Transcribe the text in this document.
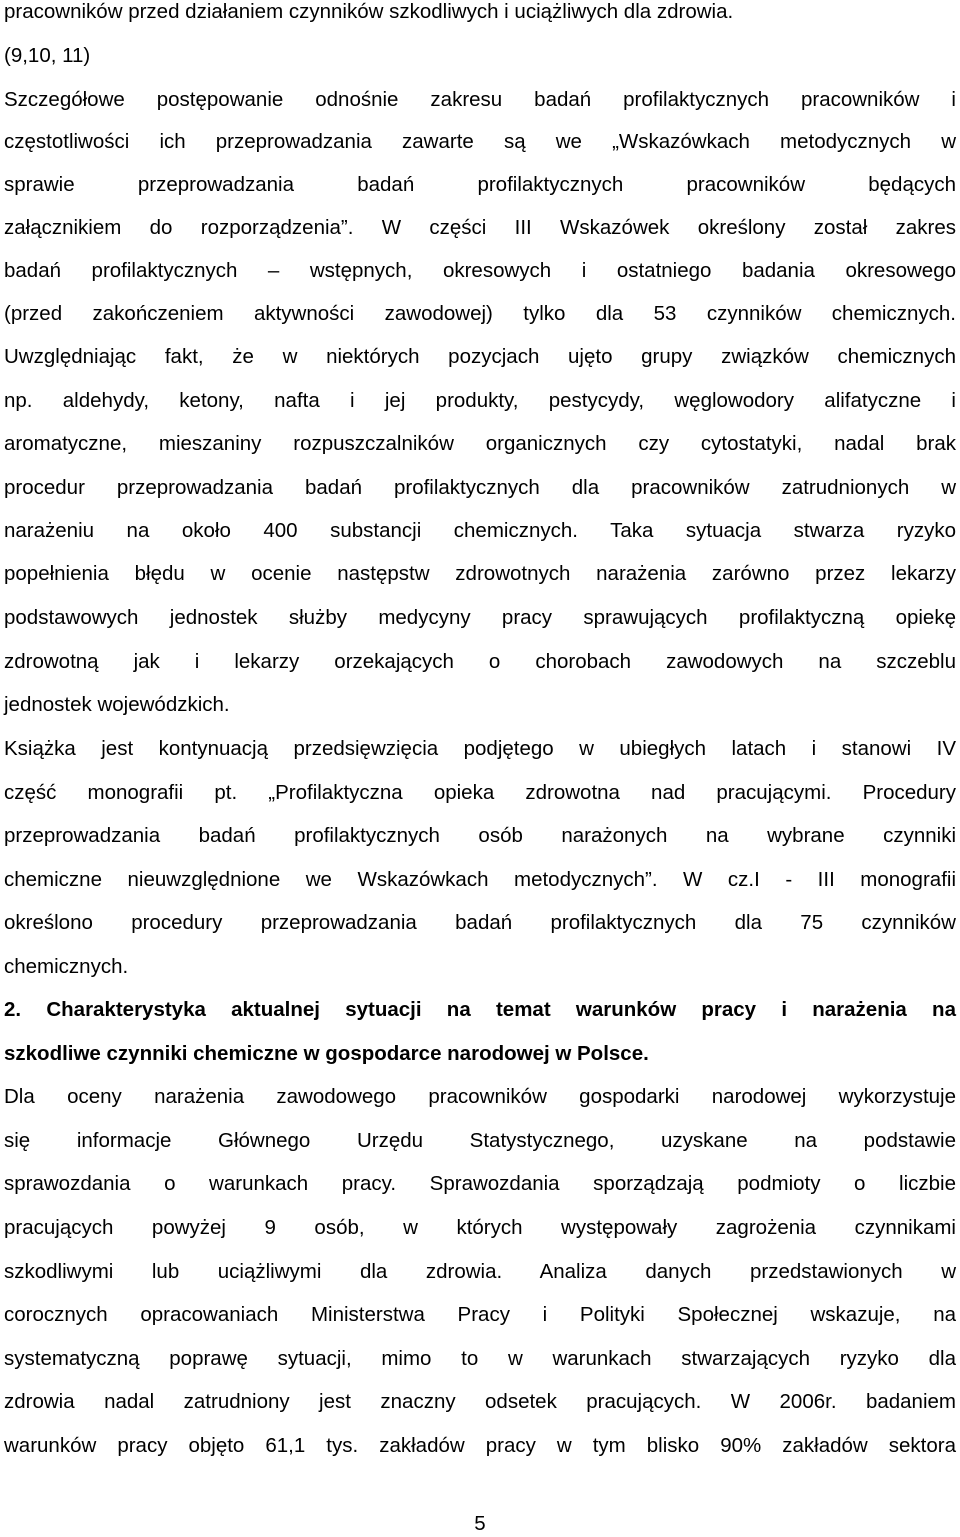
pracowników przed działaniem czynników szkodliwych i uciążliwych dla zdrowia.
(9,10, 11)
Szczegółowe postępowanie odnośnie zakresu badań profilaktycznych pracowników i
częstotliwości ich przeprowadzania zawarte są we „Wskazówkach metodycznych w
sprawie przeprowadzania badań profilaktycznych pracowników będących
załącznikiem do rozporządzenia”. W części III Wskazówek określony został zakres
badań profilaktycznych – wstępnych, okresowych i ostatniego badania okresowego
(przed zakończeniem aktywności zawodowej) tylko dla 53 czynników chemicznych.
Uwzględniając fakt, że w niektórych pozycjach ujęto grupy związków chemicznych
np. aldehydy, ketony, nafta i jej produkty, pestycydy, węglowodory alifatyczne i
aromatyczne, mieszaniny rozpuszczalników organicznych czy cytostatyki, nadal brak
procedur przeprowadzania badań profilaktycznych dla pracowników zatrudnionych w
narażeniu na około 400 substancji chemicznych. Taka sytuacja stwarza ryzyko
popełnienia błędu w ocenie następstw zdrowotnych narażenia zarówno przez lekarzy
podstawowych jednostek służby medycyny pracy sprawujących profilaktyczną opiekę
zdrowotną jak i lekarzy orzekających o chorobach zawodowych na szczeblu
jednostek wojewódzkich.
Książka jest kontynuacją przedsięwzięcia podjętego w ubiegłych latach i stanowi IV
część monografii pt. „Profilaktyczna opieka zdrowotna nad pracującymi. Procedury
przeprowadzania badań profilaktycznych osób narażonych na wybrane czynniki
chemiczne nieuwzględnione we Wskazówkach metodycznych”. W cz.I - III monografii
określono procedury przeprowadzania badań profilaktycznych dla 75 czynników
chemicznych.
2. Charakterystyka aktualnej sytuacji na temat warunków pracy i narażenia na
szkodliwe czynniki chemiczne w gospodarce narodowej w Polsce.
Dla oceny narażenia zawodowego pracowników gospodarki narodowej wykorzystuje
się informacje Głównego Urzędu Statystycznego, uzyskane na podstawie
sprawozdania o warunkach pracy. Sprawozdania sporządzają podmioty o liczbie
pracujących powyżej 9 osób, w których występowały zagrożenia czynnikami
szkodliwymi lub uciążliwymi dla zdrowia. Analiza danych przedstawionych w
corocznych opracowaniach Ministerstwa Pracy i Polityki Społecznej wskazuje, na
systematyczną poprawę sytuacji, mimo to w warunkach stwarzających ryzyko dla
zdrowia nadal zatrudniony jest znaczny odsetek pracujących. W 2006r. badaniem
warunków pracy objęto 61,1 tys. zakładów pracy w tym blisko 90% zakładów sektora
5
